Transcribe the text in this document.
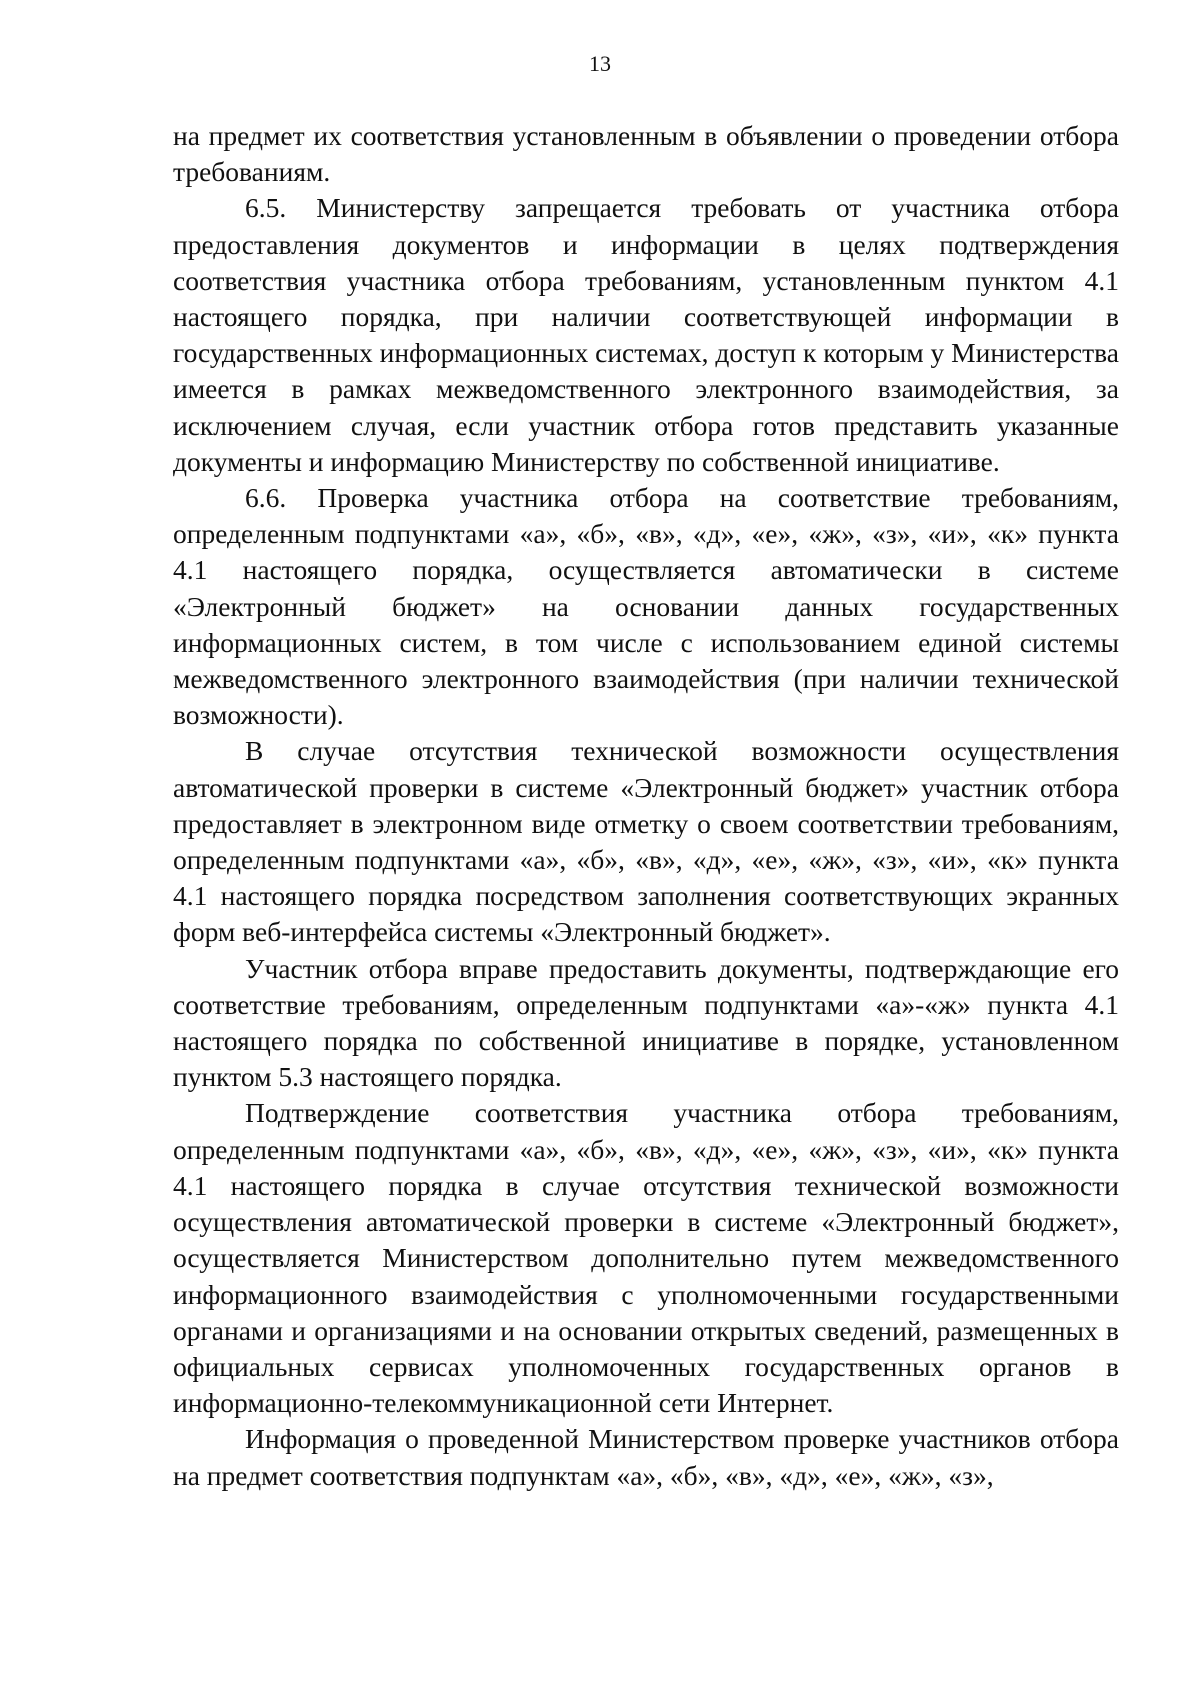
13

на предмет их соответствия установленным в объявлении о проведении отбора требованиям.

6.5. Министерству запрещается требовать от участника отбора предоставления документов и информации в целях подтверждения соответствия участника отбора требованиям, установленным пунктом 4.1 настоящего порядка, при наличии соответствующей информации в государственных информационных системах, доступ к которым у Министерства имеется в рамках межведомственного электронного взаимодействия, за исключением случая, если участник отбора готов представить указанные документы и информацию Министерству по собственной инициативе.

6.6. Проверка участника отбора на соответствие требованиям, определенным подпунктами «а», «б», «в», «д», «е», «ж», «з», «и», «к» пункта 4.1 настоящего порядка, осуществляется автоматически в системе «Электронный бюджет» на основании данных государственных информационных систем, в том числе с использованием единой системы межведомственного электронного взаимодействия (при наличии технической возможности).

В случае отсутствия технической возможности осуществления автоматической проверки в системе «Электронный бюджет» участник отбора предоставляет в электронном виде отметку о своем соответствии требованиям, определенным подпунктами «а», «б», «в», «д», «е», «ж», «з», «и», «к» пункта 4.1 настоящего порядка посредством заполнения соответствующих экранных форм веб-интерфейса системы «Электронный бюджет».

Участник отбора вправе предоставить документы, подтверждающие его соответствие требованиям, определенным подпунктами «а»-«ж» пункта 4.1 настоящего порядка по собственной инициативе в порядке, установленном пунктом 5.3 настоящего порядка.

Подтверждение соответствия участника отбора требованиям, определенным подпунктами «а», «б», «в», «д», «е», «ж», «з», «и», «к» пункта 4.1 настоящего порядка в случае отсутствия технической возможности осуществления автоматической проверки в системе «Электронный бюджет», осуществляется Министерством дополнительно путем межведомственного информационного взаимодействия с уполномоченными государственными органами и организациями и на основании открытых сведений, размещенных в официальных сервисах уполномоченных государственных органов в информационно-телекоммуникационной сети Интернет.

Информация о проведенной Министерством проверке участников отбора на предмет соответствия подпунктам «а», «б», «в», «д», «е», «ж», «з»,
